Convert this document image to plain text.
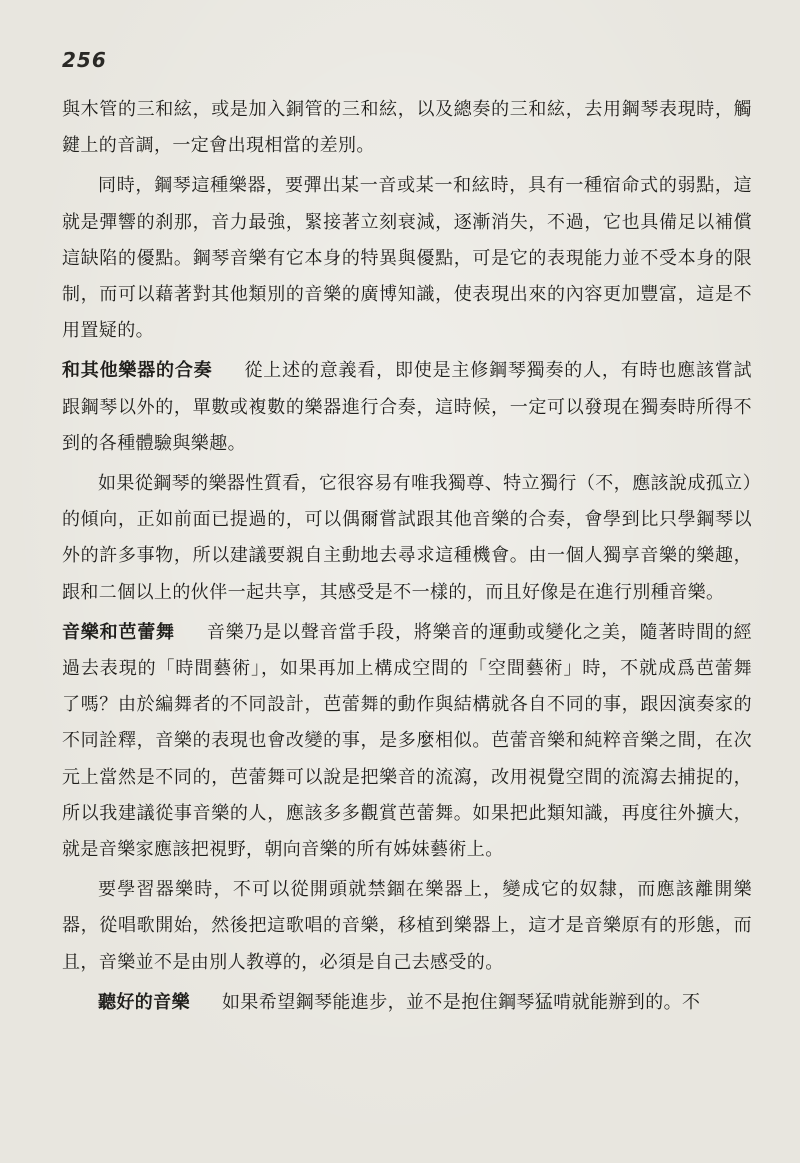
256

與木管的三和絃，或是加入銅管的三和絃，以及總奏的三和絃，去用鋼琴表現時，觸鍵上的音調，一定會出現相當的差別。

同時，鋼琴這種樂器，要彈出某一音或某一和絃時，具有一種宿命式的弱點，這就是彈響的刹那，音力最強，緊接著立刻衰減，逐漸消失，不過，它也具備足以補償這缺陷的優點。鋼琴音樂有它本身的特異與優點，可是它的表現能力並不受本身的限制，而可以藉著對其他類別的音樂的廣博知識，使表現出來的內容更加豐富，這是不用置疑的。

和其他樂器的合奏 從上述的意義看，即使是主修鋼琴獨奏的人，有時也應該嘗試跟鋼琴以外的，單數或複數的樂器進行合奏，這時候，一定可以發現在獨奏時所得不到的各種體驗與樂趣。

如果從鋼琴的樂器性質看，它很容易有唯我獨尊、特立獨行（不，應該說成孤立）的傾向，正如前面已提過的，可以偶爾嘗試跟其他音樂的合奏，會學到比只學鋼琴以外的許多事物，所以建議要親自主動地去尋求這種機會。由一個人獨享音樂的樂趣，跟和二個以上的伙伴一起共享，其感受是不一樣的，而且好像是在進行別種音樂。

音樂和芭蕾舞 音樂乃是以聲音當手段，將樂音的運動或變化之美，隨著時間的經過去表現的「時間藝術」，如果再加上構成空間的「空間藝術」時，不就成爲芭蕾舞了嗎？由於編舞者的不同設計，芭蕾舞的動作與結構就各自不同的事，跟因演奏家的不同詮釋，音樂的表現也會改變的事，是多麼相似。芭蕾音樂和純粹音樂之間，在次元上當然是不同的，芭蕾舞可以說是把樂音的流瀉，改用視覺空間的流瀉去捕捉的，所以我建議從事音樂的人，應該多多觀賞芭蕾舞。如果把此類知識，再度往外擴大，就是音樂家應該把視野，朝向音樂的所有姊妹藝術上。

要學習器樂時，不可以從開頭就禁錮在樂器上，變成它的奴隸，而應該離開樂器，從唱歌開始，然後把這歌唱的音樂，移植到樂器上，這才是音樂原有的形態，而且，音樂並不是由別人教導的，必須是自己去感受的。

聽好的音樂 如果希望鋼琴能進步，並不是抱住鋼琴猛啃就能辦到的。不
